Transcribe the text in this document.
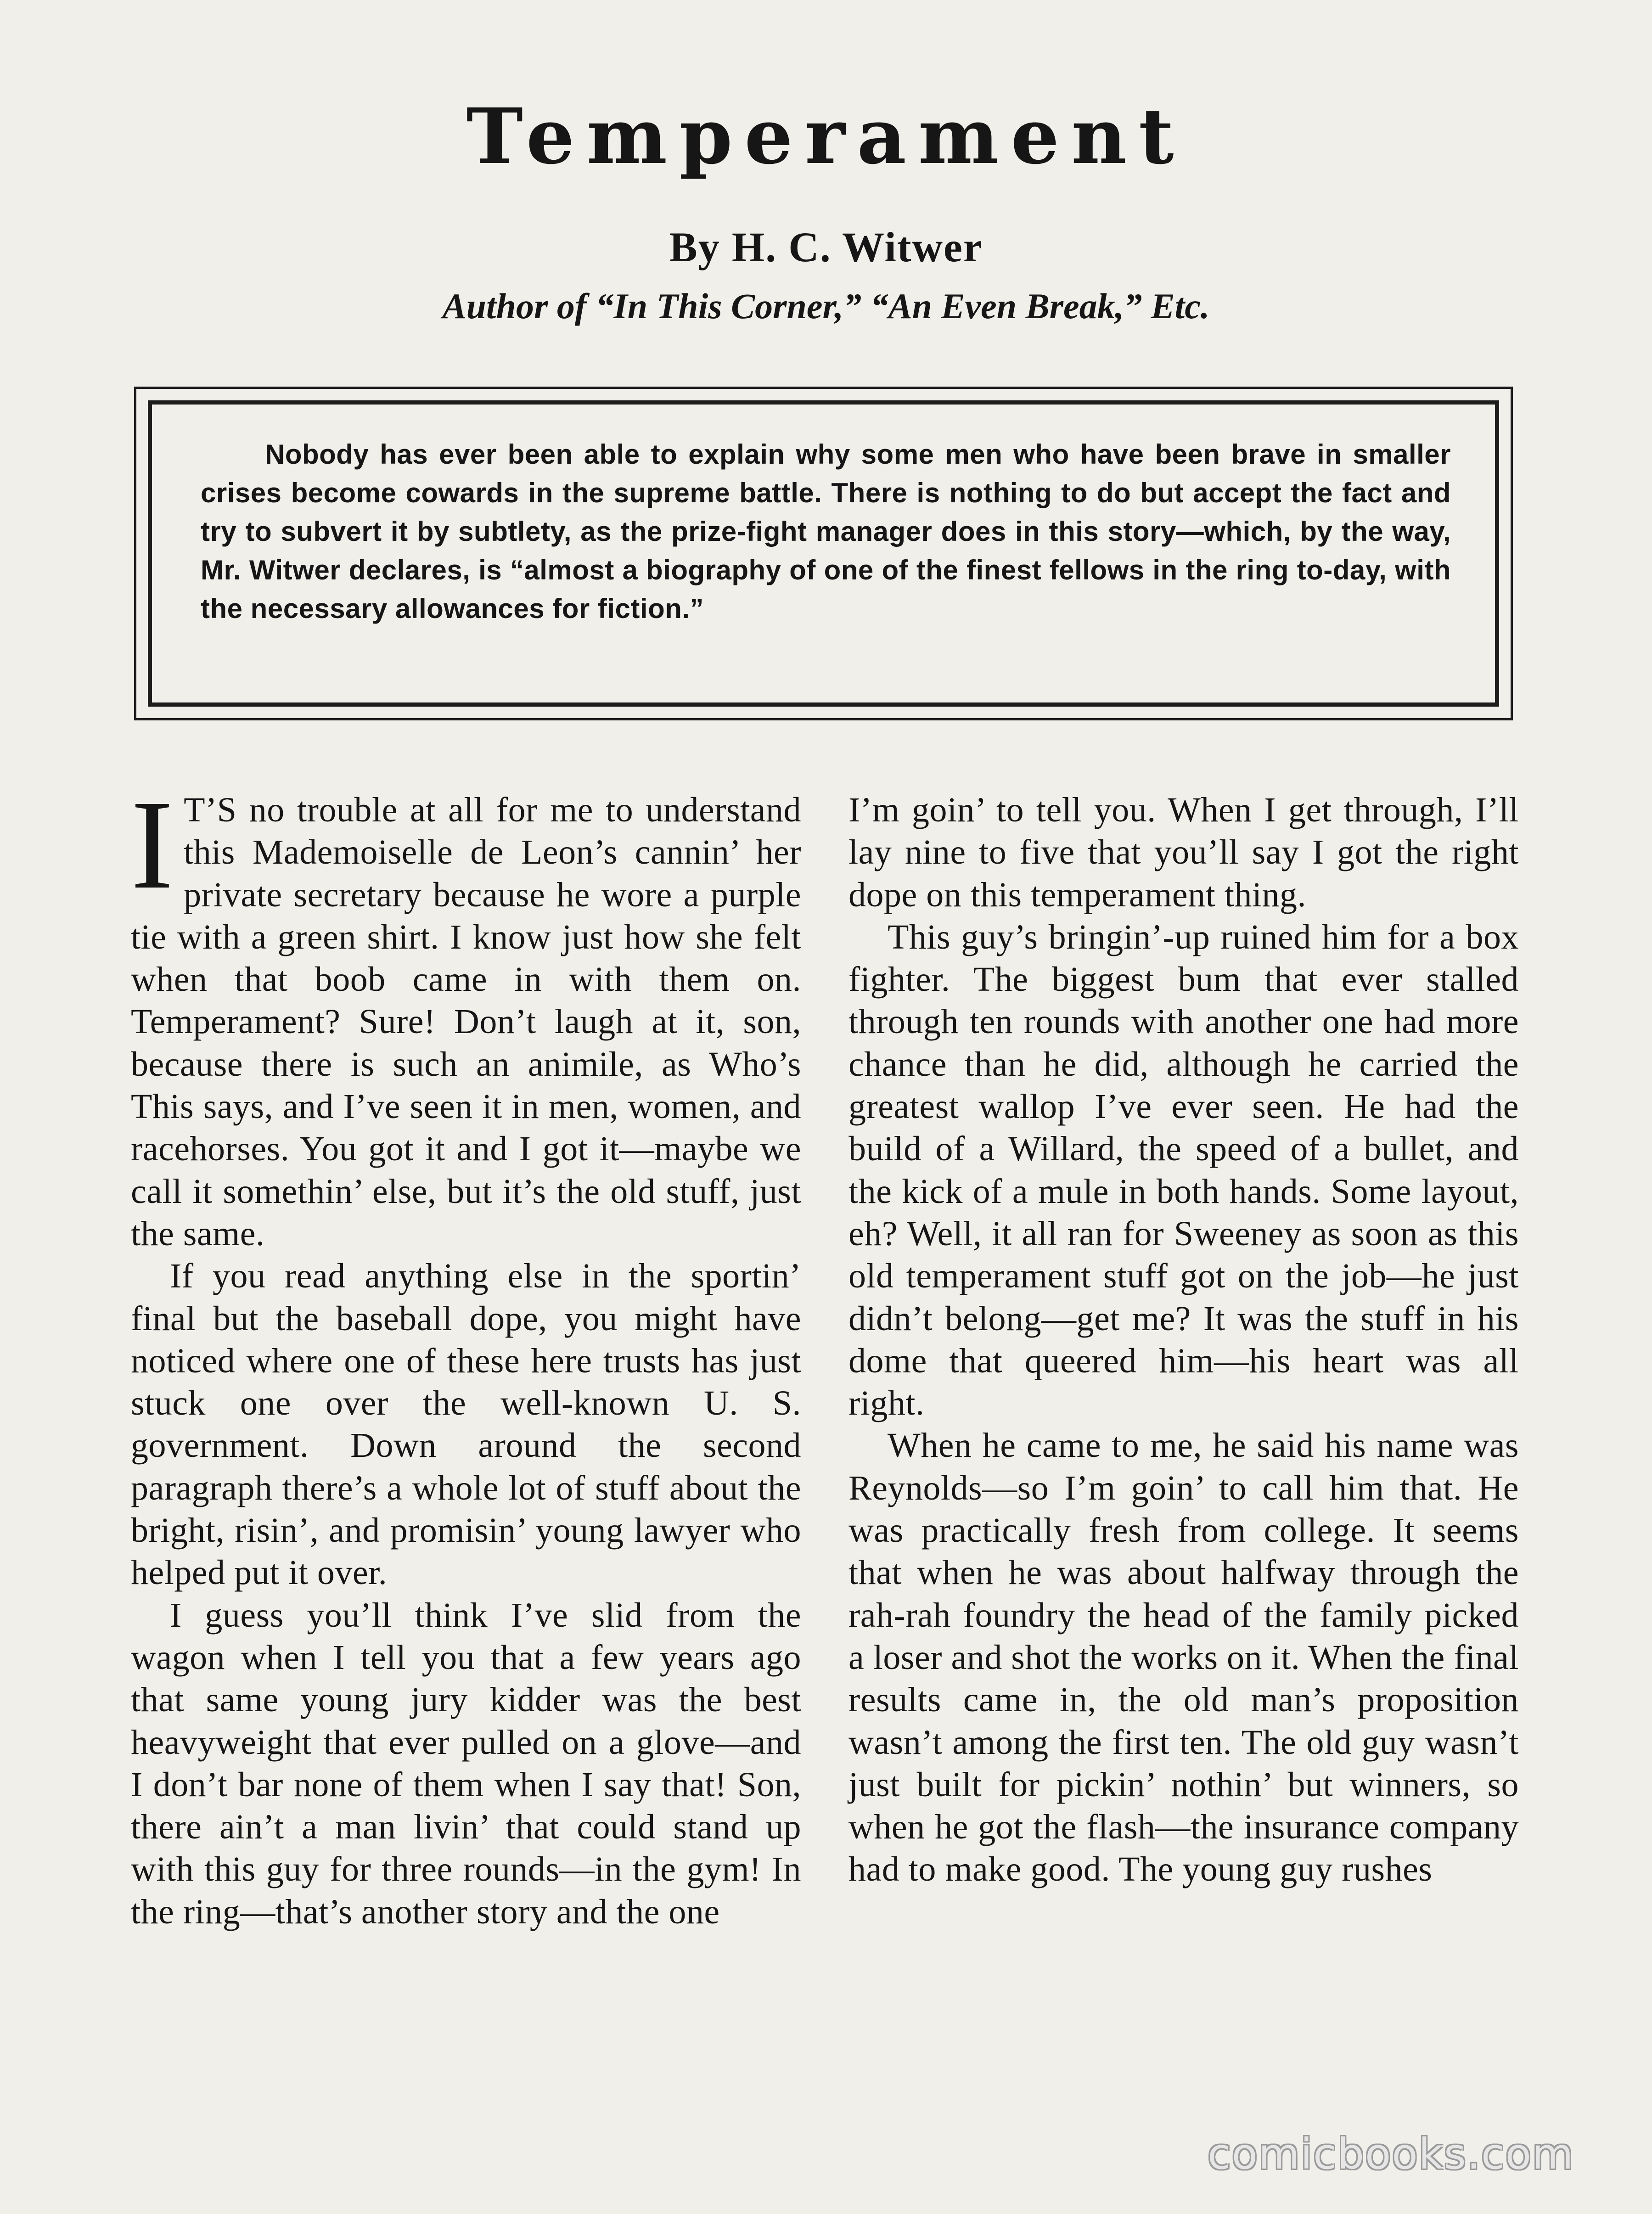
Temperament
By H. C. Witwer
Author of “In This Corner,” “An Even Break,” Etc.
Nobody has ever been able to explain why some men who have been brave in smaller crises become cowards in the supreme battle. There is nothing to do but accept the fact and try to subvert it by subtlety, as the prize-fight manager does in this story—which, by the way, Mr. Witwer declares, is “almost a biography of one of the finest fellows in the ring to-day, with the necessary allowances for fiction.”

I T’S no trouble at all for me to understand this Mademoiselle de Leon’s cannin’ her private secretary because he wore a purple tie with a green shirt. I know just how she felt when that boob came in with them on. Temperament? Sure! Don’t laugh at it, son, because there is such an animile, as Who’s This says, and I’ve seen it in men, women, and racehorses. You got it and I got it—maybe we call it somethin’ else, but it’s the old stuff, just the same.

If you read anything else in the sportin’ final but the baseball dope, you might have noticed where one of these here trusts has just stuck one over the well-known U. S. government. Down around the second paragraph there’s a whole lot of stuff about the bright, risin’, and promisin’ young lawyer who helped put it over.

I guess you’ll think I’ve slid from the wagon when I tell you that a few years ago that same young jury kidder was the best heavyweight that ever pulled on a glove—and I don’t bar none of them when I say that! Son, there ain’t a man livin’ that could stand up with this guy for three rounds—in the gym! In the ring—that’s another story and the one

I’m goin’ to tell you. When I get through, I’ll lay nine to five that you’ll say I got the right dope on this temperament thing.

This guy’s bringin’-up ruined him for a box fighter. The biggest bum that ever stalled through ten rounds with another one had more chance than he did, although he carried the greatest wallop I’ve ever seen. He had the build of a Willard, the speed of a bullet, and the kick of a mule in both hands. Some layout, eh? Well, it all ran for Sweeney as soon as this old temperament stuff got on the job—he just didn’t belong—get me? It was the stuff in his dome that queered him—his heart was all right.

When he came to me, he said his name was Reynolds—so I’m goin’ to call him that. He was practically fresh from college. It seems that when he was about halfway through the rah-rah foundry the head of the family picked a loser and shot the works on it. When the final results came in, the old man’s proposition wasn’t among the first ten. The old guy wasn’t just built for pickin’ nothin’ but winners, so when he got the flash—the insurance company had to make good. The young guy rushes

comicbooks.com
